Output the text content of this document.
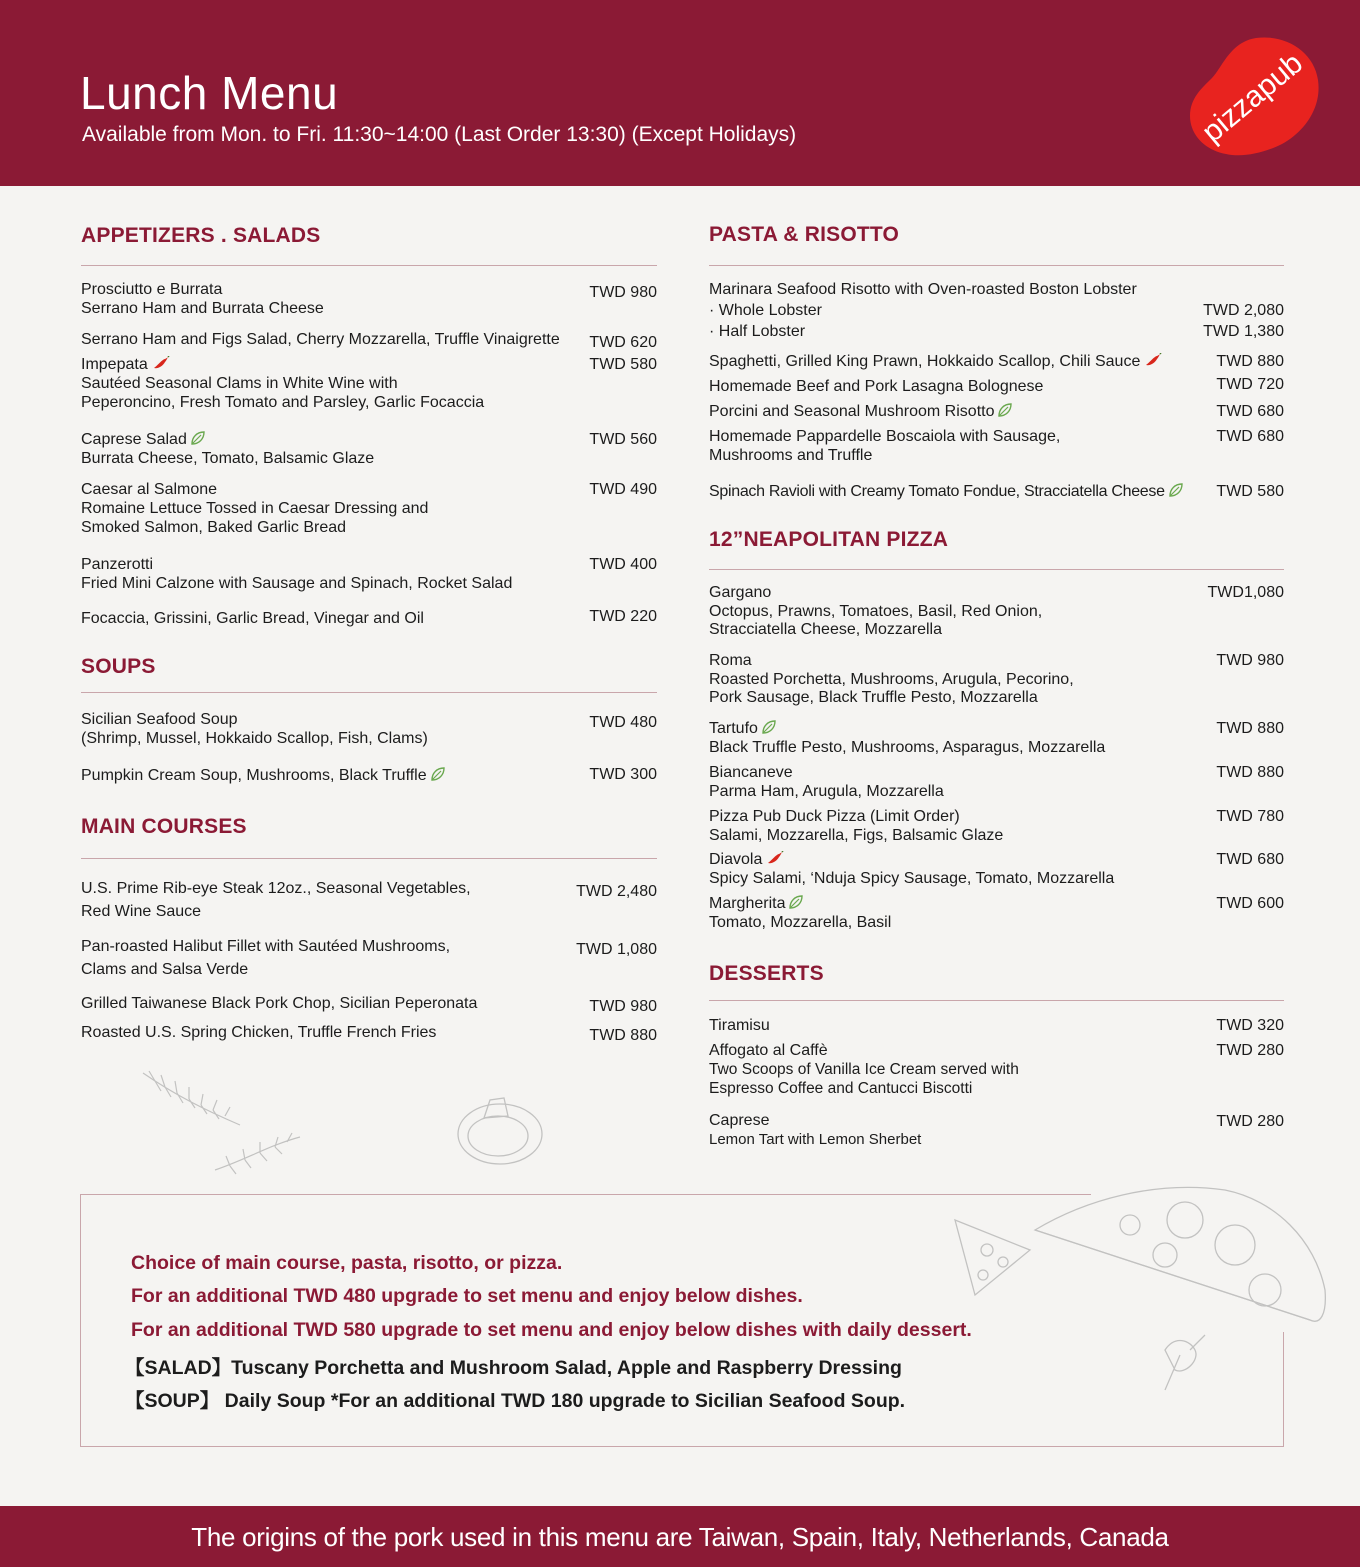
Lunch Menu
Available from Mon. to Fri. 11:30~14:00 (Last Order 13:30) (Except Holidays)	pizzapub
APPETIZERS . SALADS
Prosciutto e Burrata
Serrano Ham and Burrata Cheese
TWD 980
Serrano Ham and Figs Salad, Cherry Mozzarella, Truffle Vinaigrette	TWD 620
Impepata
Sautéed Seasonal Clams in White Wine with
Peperoncino, Fresh Tomato and Parsley, Garlic Focaccia
TWD 580
Caprese Salad
Burrata Cheese, Tomato, Balsamic Glaze
TWD 560
Caesar al Salmone
Romaine Lettuce Tossed in Caesar Dressing and
Smoked Salmon, Baked Garlic Bread
TWD 490
Panzerotti
Fried Mini Calzone with Sausage and Spinach, Rocket Salad
TWD 400
Focaccia, Grissini, Garlic Bread, Vinegar and Oil	TWD 220
SOUPS
Sicilian Seafood Soup
(Shrimp, Mussel, Hokkaido Scallop, Fish, Clams)
TWD 480
Pumpkin Cream Soup, Mushrooms, Black Truffle	TWD 300
MAIN COURSES
U.S. Prime Rib-eye Steak 12oz., Seasonal Vegetables,
Red Wine Sauce
TWD 2,480
Pan-roasted Halibut Fillet with Sautéed Mushrooms,
Clams and Salsa Verde
TWD 1,080
Grilled Taiwanese Black Pork Chop, Sicilian Peperonata	TWD 980
Roasted U.S. Spring Chicken, Truffle French Fries	TWD 880
PASTA & RISOTTO
Marinara Seafood Risotto with Oven-roasted Boston Lobster
· Whole Lobster	TWD 2,080
· Half Lobster	TWD 1,380
Spaghetti, Grilled King Prawn, Hokkaido Scallop, Chili Sauce	TWD 880
Homemade Beef and Pork Lasagna Bolognese	TWD 720
Porcini and Seasonal Mushroom Risotto	TWD 680
Homemade Pappardelle Boscaiola with Sausage,
Mushrooms and Truffle
TWD 680
Spinach Ravioli with Creamy Tomato Fondue, Stracciatella Cheese	TWD 580
12”NEAPOLITAN PIZZA
Gargano
Octopus, Prawns, Tomatoes, Basil, Red Onion,
Stracciatella Cheese, Mozzarella
TWD1,080
Roma
Roasted Porchetta, Mushrooms, Arugula, Pecorino,
Pork Sausage, Black Truffle Pesto, Mozzarella
TWD 980
Tartufo
Black Truffle Pesto, Mushrooms, Asparagus, Mozzarella
TWD 880
Biancaneve
Parma Ham, Arugula, Mozzarella
TWD 880
Pizza Pub Duck Pizza (Limit Order)
Salami, Mozzarella, Figs, Balsamic Glaze
TWD 780
Diavola
Spicy Salami, ‘Nduja Spicy Sausage, Tomato, Mozzarella
TWD 680
Margherita
Tomato, Mozzarella, Basil
TWD 600
DESSERTS
Tiramisu	TWD 320
Affogato al Caffè
Two Scoops of Vanilla Ice Cream served with
Espresso Coffee and Cantucci Biscotti
TWD 280
Caprese
Lemon Tart with Lemon Sherbet
TWD 280
Choice of main course, pasta, risotto, or pizza.
For an additional TWD 480 upgrade to set menu and enjoy below dishes.
For an additional TWD 580 upgrade to set menu and enjoy below dishes with daily dessert.
【SALAD】Tuscany Porchetta and Mushroom Salad, Apple and Raspberry Dressing
【SOUP】 Daily Soup *For an additional TWD 180 upgrade to Sicilian Seafood Soup.
The origins of the pork used in this menu are Taiwan, Spain, Italy, Netherlands, Canada
